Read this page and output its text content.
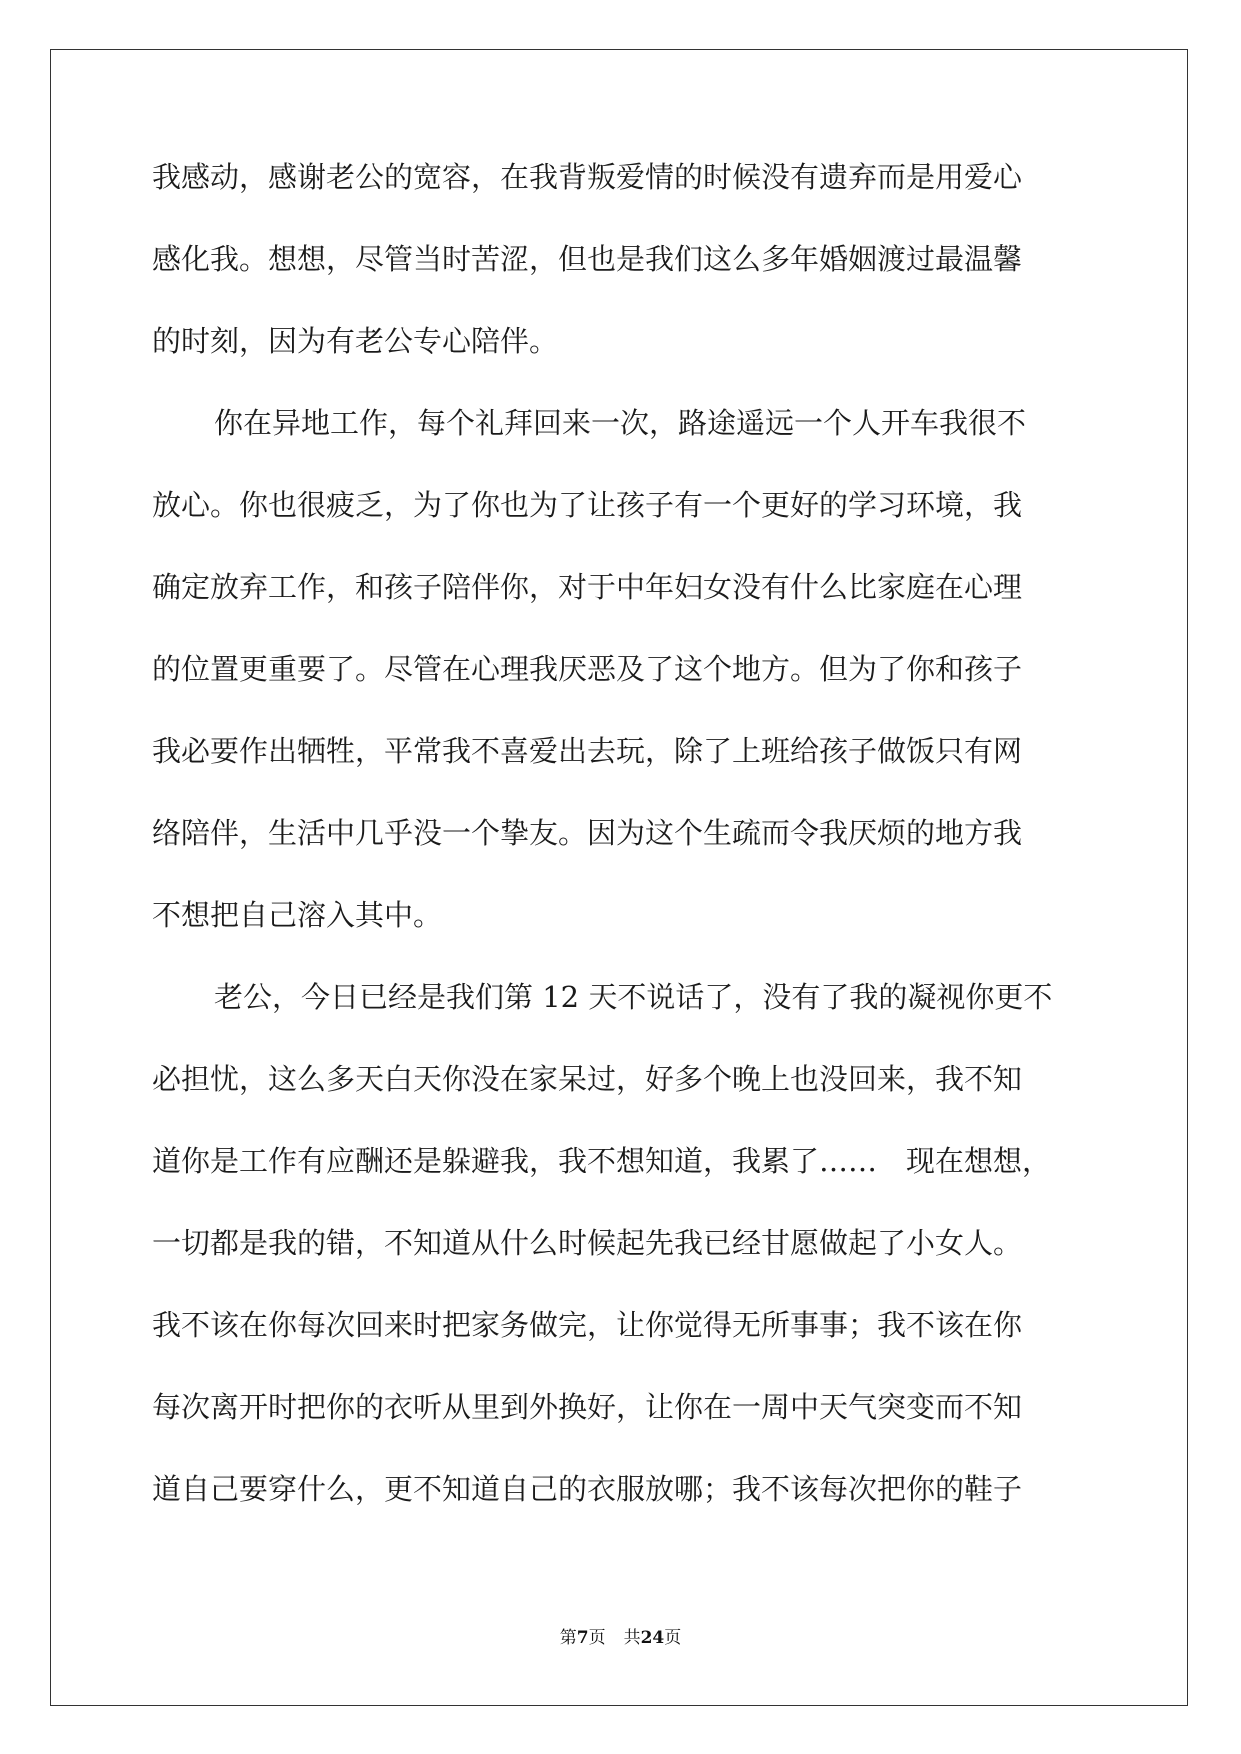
我感动，感谢老公的宽容，在我背叛爱情的时候没有遗弃而是用爱心
感化我。想想，尽管当时苦涩，但也是我们这么多年婚姻渡过最温馨
的时刻，因为有老公专心陪伴。
你在异地工作，每个礼拜回来一次，路途遥远一个人开车我很不
放心。你也很疲乏，为了你也为了让孩子有一个更好的学习环境，我
确定放弃工作，和孩子陪伴你，对于中年妇女没有什么比家庭在心理
的位置更重要了。尽管在心理我厌恶及了这个地方。但为了你和孩子
我必要作出牺牲，平常我不喜爱出去玩，除了上班给孩子做饭只有网
络陪伴，生活中几乎没一个挚友。因为这个生疏而令我厌烦的地方我
不想把自己溶入其中。
老公，今日已经是我们第 12 天不说话了，没有了我的凝视你更不
必担忧，这么多天白天你没在家呆过，好多个晚上也没回来，我不知
道你是工作有应酬还是躲避我，我不想知道，我累了……　现在想想，
一切都是我的错，不知道从什么时候起先我已经甘愿做起了小女人。
我不该在你每次回来时把家务做完，让你觉得无所事事；我不该在你
每次离开时把你的衣听从里到外换好，让你在一周中天气突变而不知
道自己要穿什么，更不知道自己的衣服放哪；我不该每次把你的鞋子
第7页 共24页
